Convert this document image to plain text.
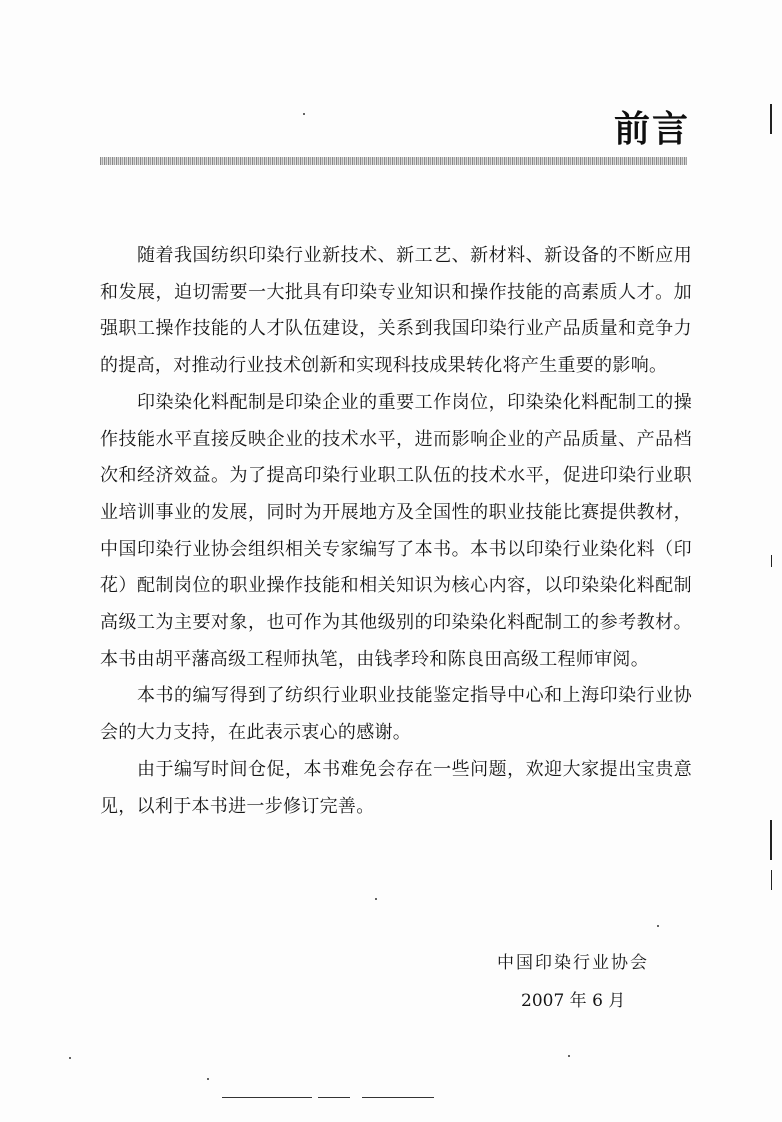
前言

随着我国纺织印染行业新技术、新工艺、新材料、新设备的不断应用和发展，迫切需要一大批具有印染专业知识和操作技能的高素质人才。加强职工操作技能的人才队伍建设，关系到我国印染行业产品质量和竞争力的提高，对推动行业技术创新和实现科技成果转化将产生重要的影响。

印染染化料配制是印染企业的重要工作岗位，印染染化料配制工的操作技能水平直接反映企业的技术水平，进而影响企业的产品质量、产品档次和经济效益。为了提高印染行业职工队伍的技术水平，促进印染行业职业培训事业的发展，同时为开展地方及全国性的职业技能比赛提供教材，中国印染行业协会组织相关专家编写了本书。本书以印染行业染化料（印花）配制岗位的职业操作技能和相关知识为核心内容，以印染染化料配制高级工为主要对象，也可作为其他级别的印染染化料配制工的参考教材。本书由胡平藩高级工程师执笔，由钱孝玲和陈良田高级工程师审阅。

本书的编写得到了纺织行业职业技能鉴定指导中心和上海印染行业协会的大力支持，在此表示衷心的感谢。

由于编写时间仓促，本书难免会存在一些问题，欢迎大家提出宝贵意见，以利于本书进一步修订完善。

中国印染行业协会
2007 年 6 月
